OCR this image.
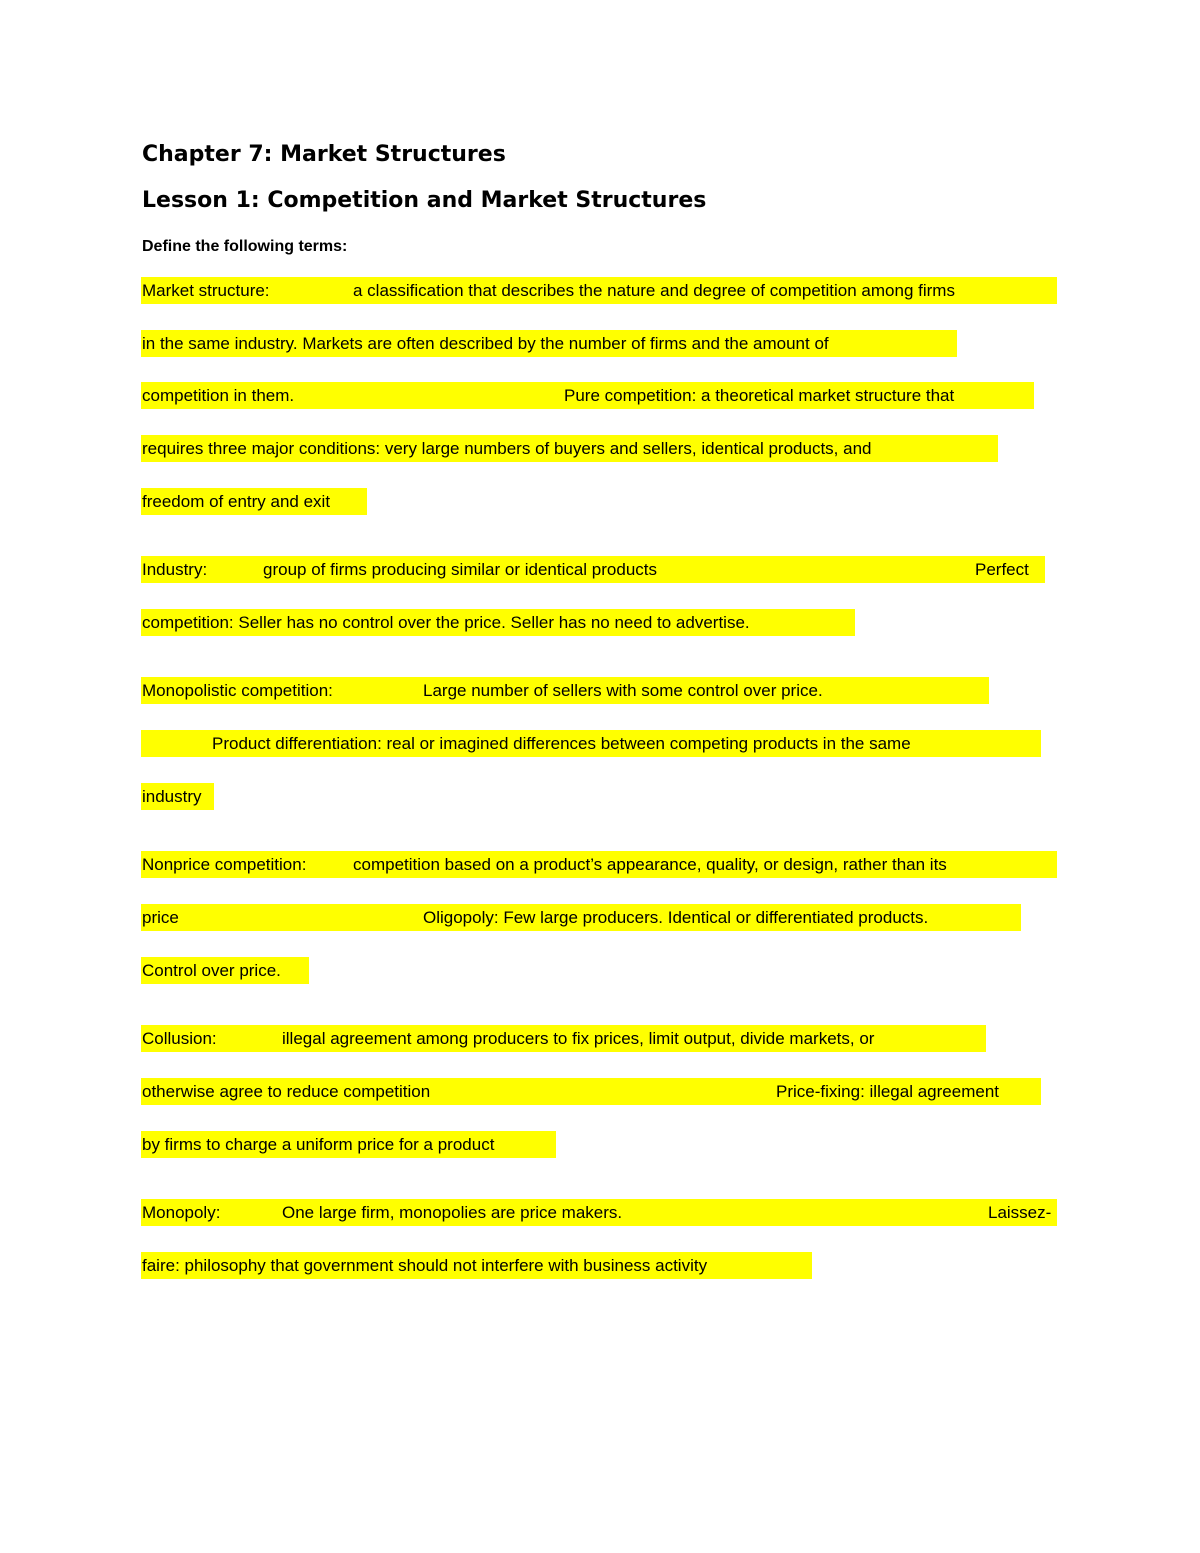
Chapter 7: Market Structures
Lesson 1: Competition and Market Structures
Define the following terms:

Market structure:

	a classification that describes the nature and degree of competition among firms

in the same industry. Markets are often described by the number of firms and the amount of

competition in them.

	Pure competition: a theoretical market structure that

requires three major conditions: very large numbers of buyers and sellers, identical products, and

freedom of entry and exit

Industry:

	group of firms producing similar or identical products

	Perfect

competition: Seller has no control over the price. Seller has no need to advertise.

Monopolistic competition:

	Large number of sellers with some control over price.

Product differentiation: real or imagined differences between competing products in the same

industry

Nonprice competition:

	competition based on a product’s appearance, quality, or design, rather than its

price

	Oligopoly: Few large producers. Identical or differentiated products.

Control over price.

Collusion:

	illegal agreement among producers to fix prices, limit output, divide markets, or

otherwise agree to reduce competition

	Price-fixing: illegal agreement

by firms to charge a uniform price for a product

Monopoly:

	One large firm, monopolies are price makers.

	Laissez-

faire: philosophy that government should not interfere with business activity
